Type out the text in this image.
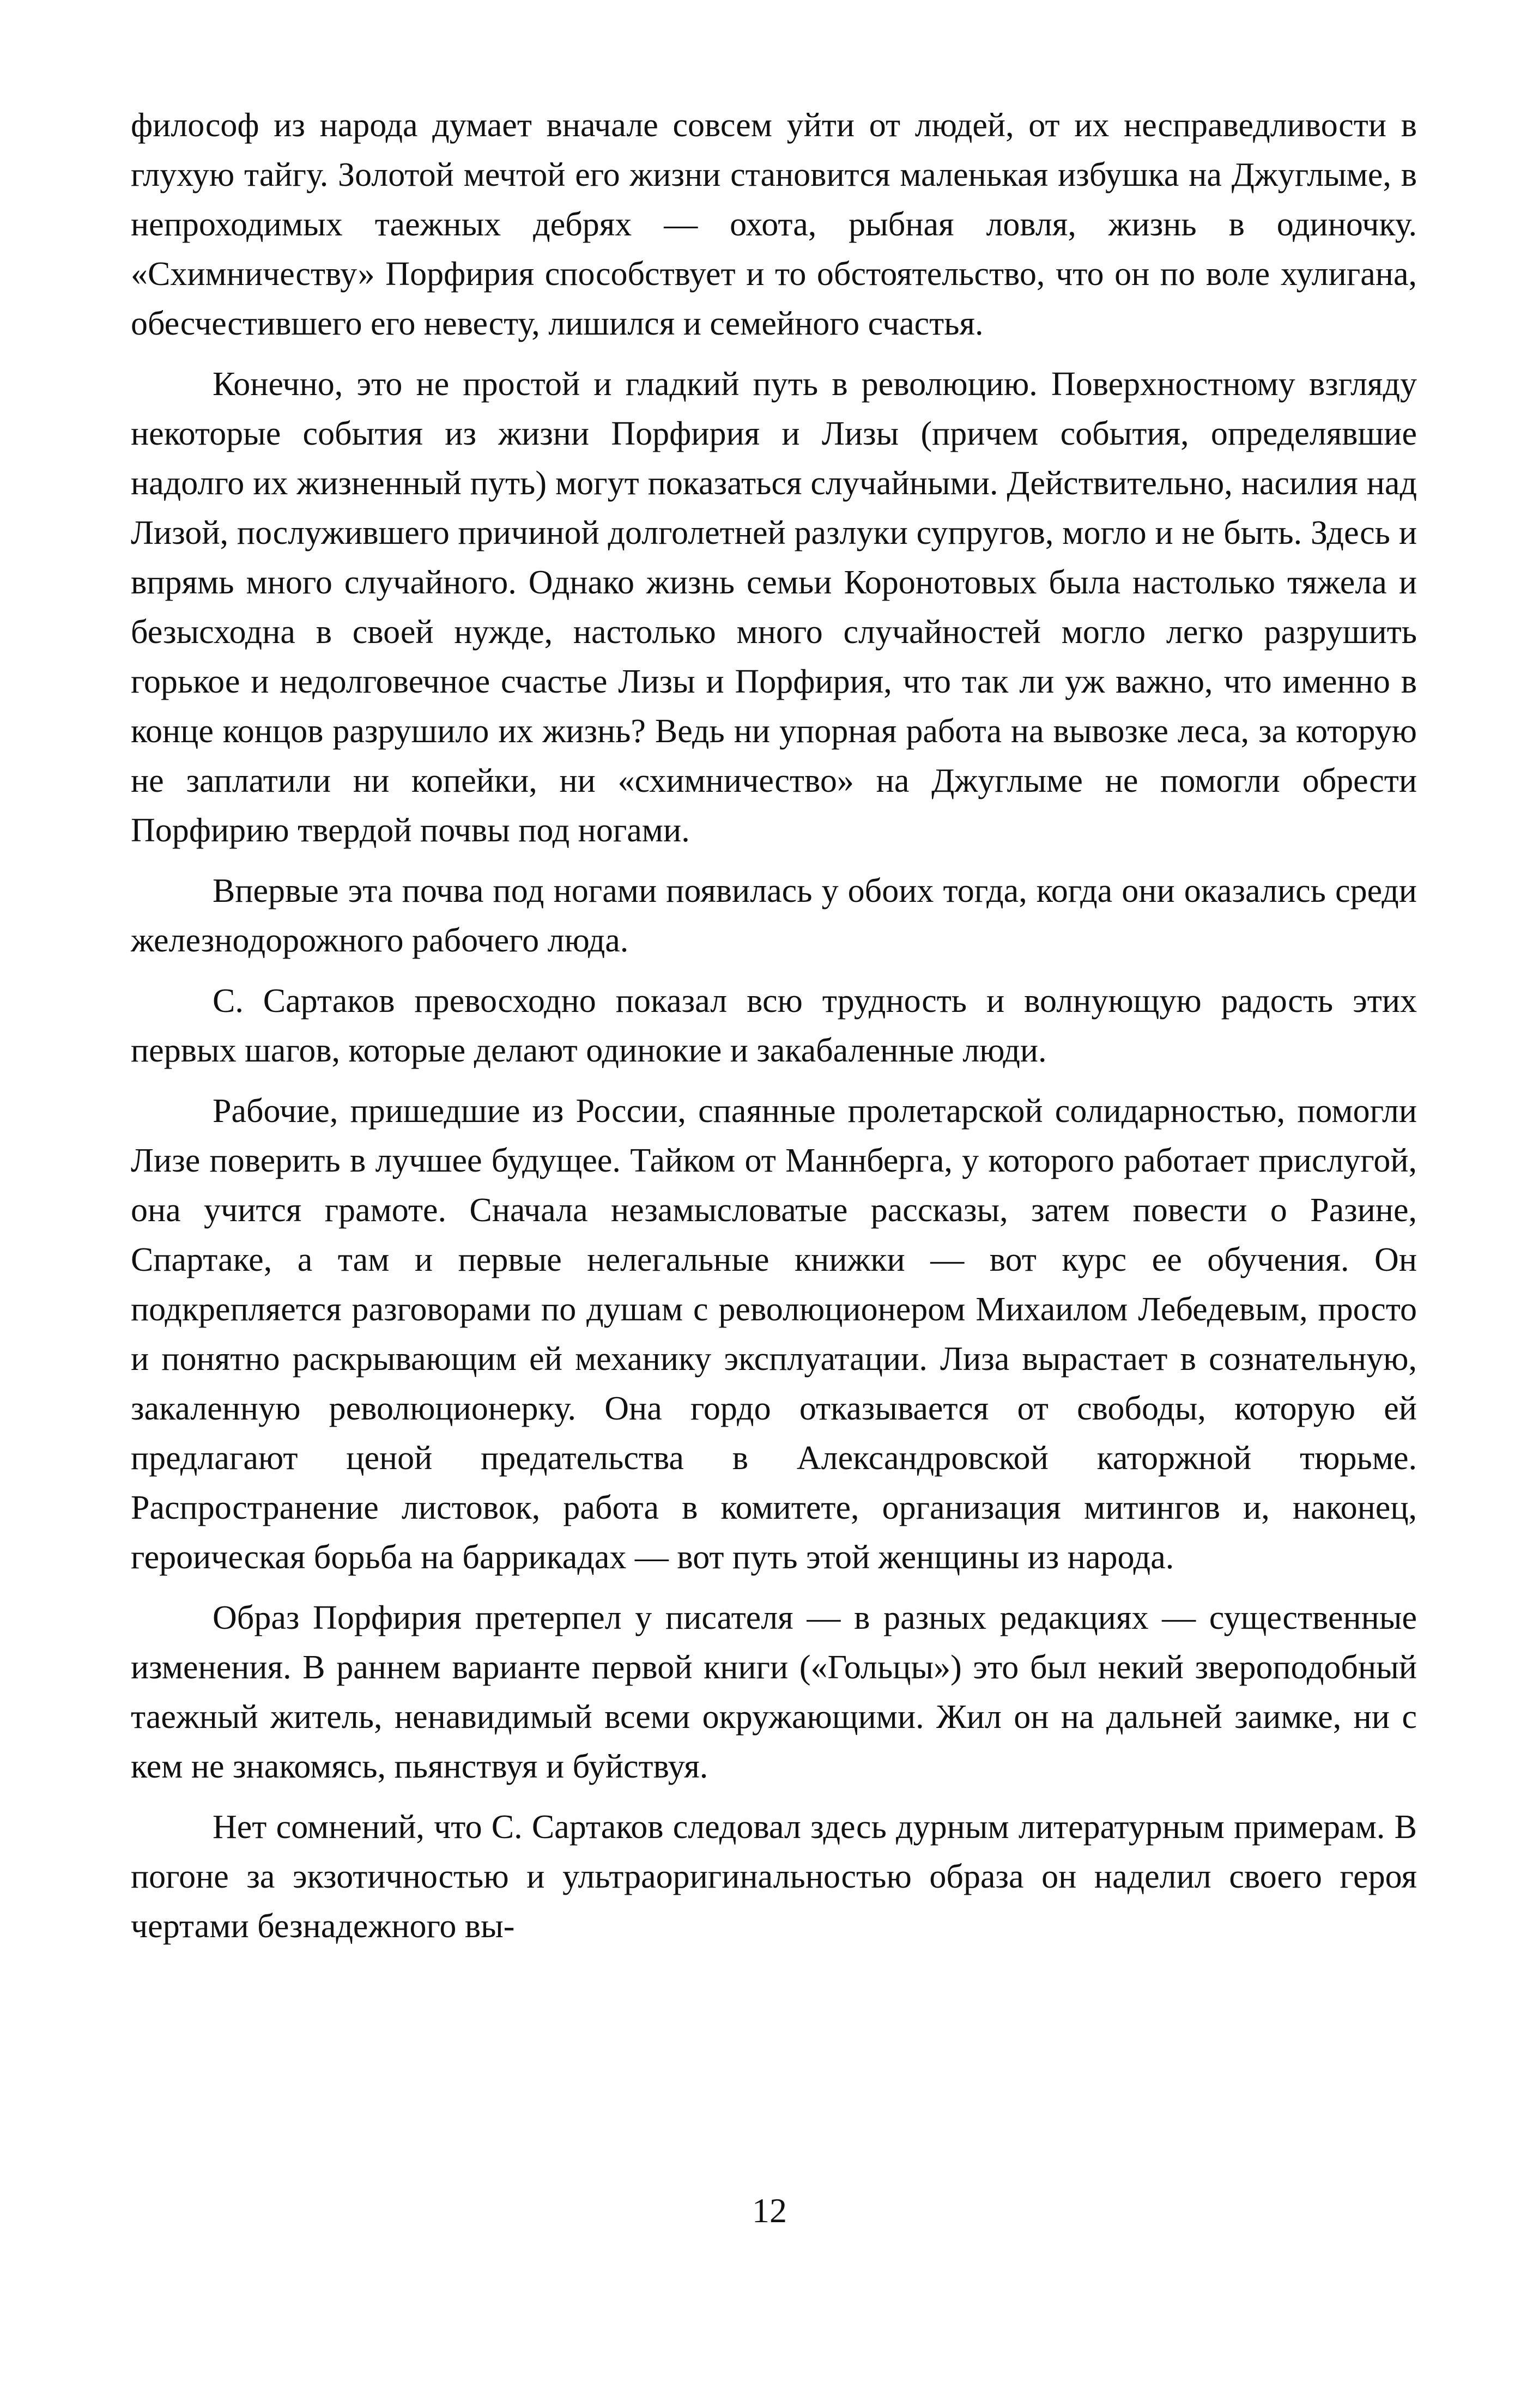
философ из народа думает вначале совсем уйти от людей, от их несправедливости в глухую тайгу. Золотой мечтой его жизни становится маленькая избушка на Джуглыме, в непроходимых таежных дебрях — охота, рыбная ловля, жизнь в одиночку. «Схимничеству» Порфирия способствует и то обстоятельство, что он по воле хулигана, обесчестившего его невесту, лишился и семейного счастья.

Конечно, это не простой и гладкий путь в революцию. Поверхностному взгляду некоторые события из жизни Порфирия и Лизы (причем события, определявшие надолго их жизненный путь) могут показаться случайными. Действительно, насилия над Лизой, послужившего причиной долголетней разлуки супругов, могло и не быть. Здесь и впрямь много случайного. Однако жизнь семьи Коронотовых была настолько тяжела и безысходна в своей нужде, настолько много случайностей могло легко разрушить горькое и недолговечное счастье Лизы и Порфирия, что так ли уж важно, что именно в конце концов разрушило их жизнь? Ведь ни упорная работа на вывозке леса, за которую не заплатили ни копейки, ни «схимничество» на Джуглыме не помогли обрести Порфирию твердой почвы под ногами.

Впервые эта почва под ногами появилась у обоих тогда, когда они оказались среди железнодорожного рабочего люда.

С. Сартаков превосходно показал всю трудность и волнующую радость этих первых шагов, которые делают одинокие и закабаленные люди.

Рабочие, пришедшие из России, спаянные пролетарской солидарностью, помогли Лизе поверить в лучшее будущее. Тайком от Маннберга, у которого работает прислугой, она учится грамоте. Сначала незамысловатые рассказы, затем повести о Разине, Спартаке, а там и первые нелегальные книжки — вот курс ее обучения. Он подкрепляется разговорами по душам с революционером Михаилом Лебедевым, просто и понятно раскрывающим ей механику эксплуатации. Лиза вырастает в сознательную, закаленную революционерку. Она гордо отказывается от свободы, которую ей предлагают ценой предательства в Александровской каторжной тюрьме. Распространение листовок, работа в комитете, организация митингов и, наконец, героическая борьба на баррикадах — вот путь этой женщины из народа.

Образ Порфирия претерпел у писателя — в разных редакциях — существенные изменения. В раннем варианте первой книги («Гольцы») это был некий звероподобный таежный житель, ненавидимый всеми окружающими. Жил он на дальней заимке, ни с кем не знакомясь, пьянствуя и буйствуя.

Нет сомнений, что С. Сартаков следовал здесь дурным литературным примерам. В погоне за экзотичностью и ультраоригинальностью образа он наделил своего героя чертами безнадежного вы-

12
